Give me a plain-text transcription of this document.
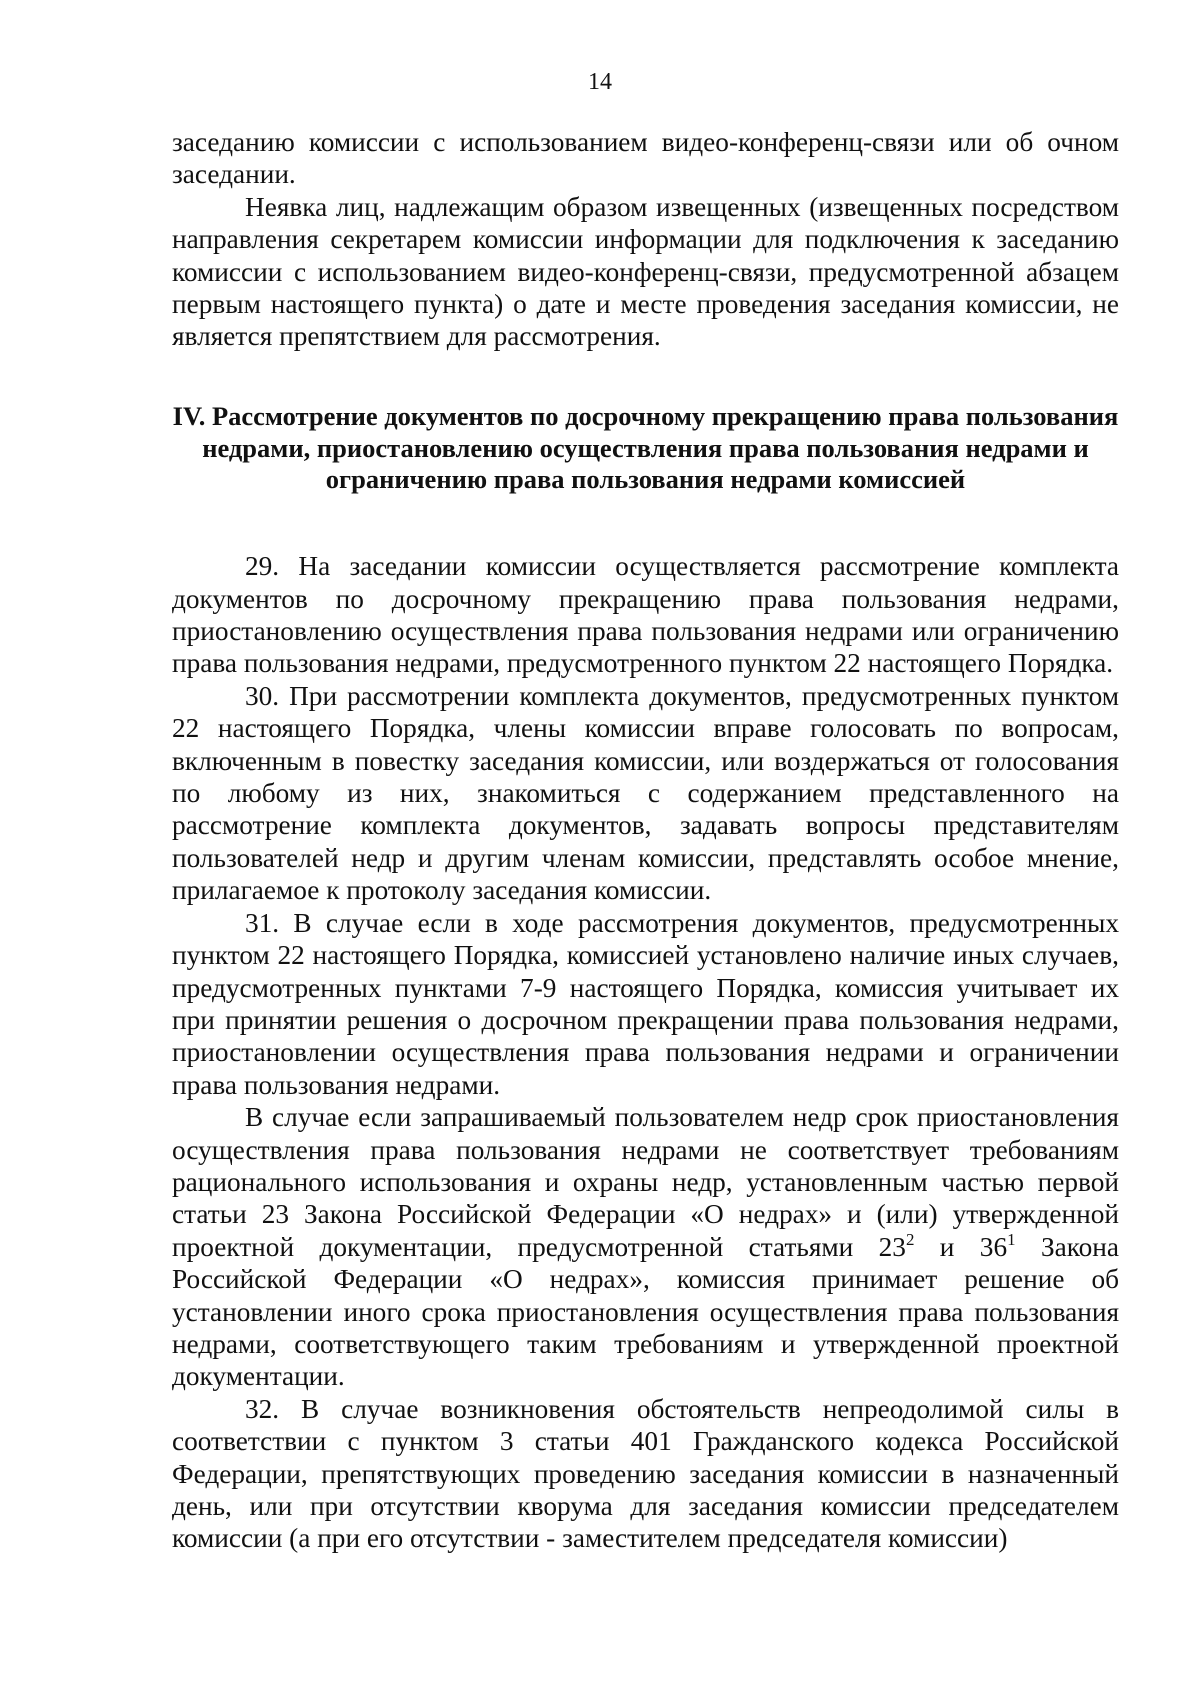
14

заседанию комиссии с использованием видео-конференц-связи или об очном заседании.

Неявка лиц, надлежащим образом извещенных (извещенных посредством направления секретарем комиссии информации для подключения к заседанию комиссии с использованием видео-конференц-связи, предусмотренной абзацем первым настоящего пункта) о дате и месте проведения заседания комиссии, не является препятствием для рассмотрения.

IV. Рассмотрение документов по досрочному прекращению права пользования недрами, приостановлению осуществления права пользования недрами и ограничению права пользования недрами комиссией

29. На заседании комиссии осуществляется рассмотрение комплекта документов по досрочному прекращению права пользования недрами, приостановлению осуществления права пользования недрами или ограничению права пользования недрами, предусмотренного пунктом 22 настоящего Порядка.

30. При рассмотрении комплекта документов, предусмотренных пунктом 22 настоящего Порядка, члены комиссии вправе голосовать по вопросам, включенным в повестку заседания комиссии, или воздержаться от голосования по любому из них, знакомиться с содержанием представленного на рассмотрение комплекта документов, задавать вопросы представителям пользователей недр и другим членам комиссии, представлять особое мнение, прилагаемое к протоколу заседания комиссии.

31. В случае если в ходе рассмотрения документов, предусмотренных пунктом 22 настоящего Порядка, комиссией установлено наличие иных случаев, предусмотренных пунктами 7-9 настоящего Порядка, комиссия учитывает их при принятии решения о досрочном прекращении права пользования недрами, приостановлении осуществления права пользования недрами и ограничении права пользования недрами.

В случае если запрашиваемый пользователем недр срок приостановления осуществления права пользования недрами не соответствует требованиям рационального использования и охраны недр, установленным частью первой статьи 23 Закона Российской Федерации «О недрах» и (или) утвержденной проектной документации, предусмотренной статьями $23^2$ и $36^1$ Закона Российской Федерации «О недрах», комиссия принимает решение об установлении иного срока приостановления осуществления права пользования недрами, соответствующего таким требованиям и утвержденной проектной документации.

32. В случае возникновения обстоятельств непреодолимой силы в соответствии с пунктом 3 статьи 401 Гражданского кодекса Российской Федерации, препятствующих проведению заседания комиссии в назначенный день, или при отсутствии кворума для заседания комиссии председателем комиссии (а при его отсутствии - заместителем председателя комиссии)
